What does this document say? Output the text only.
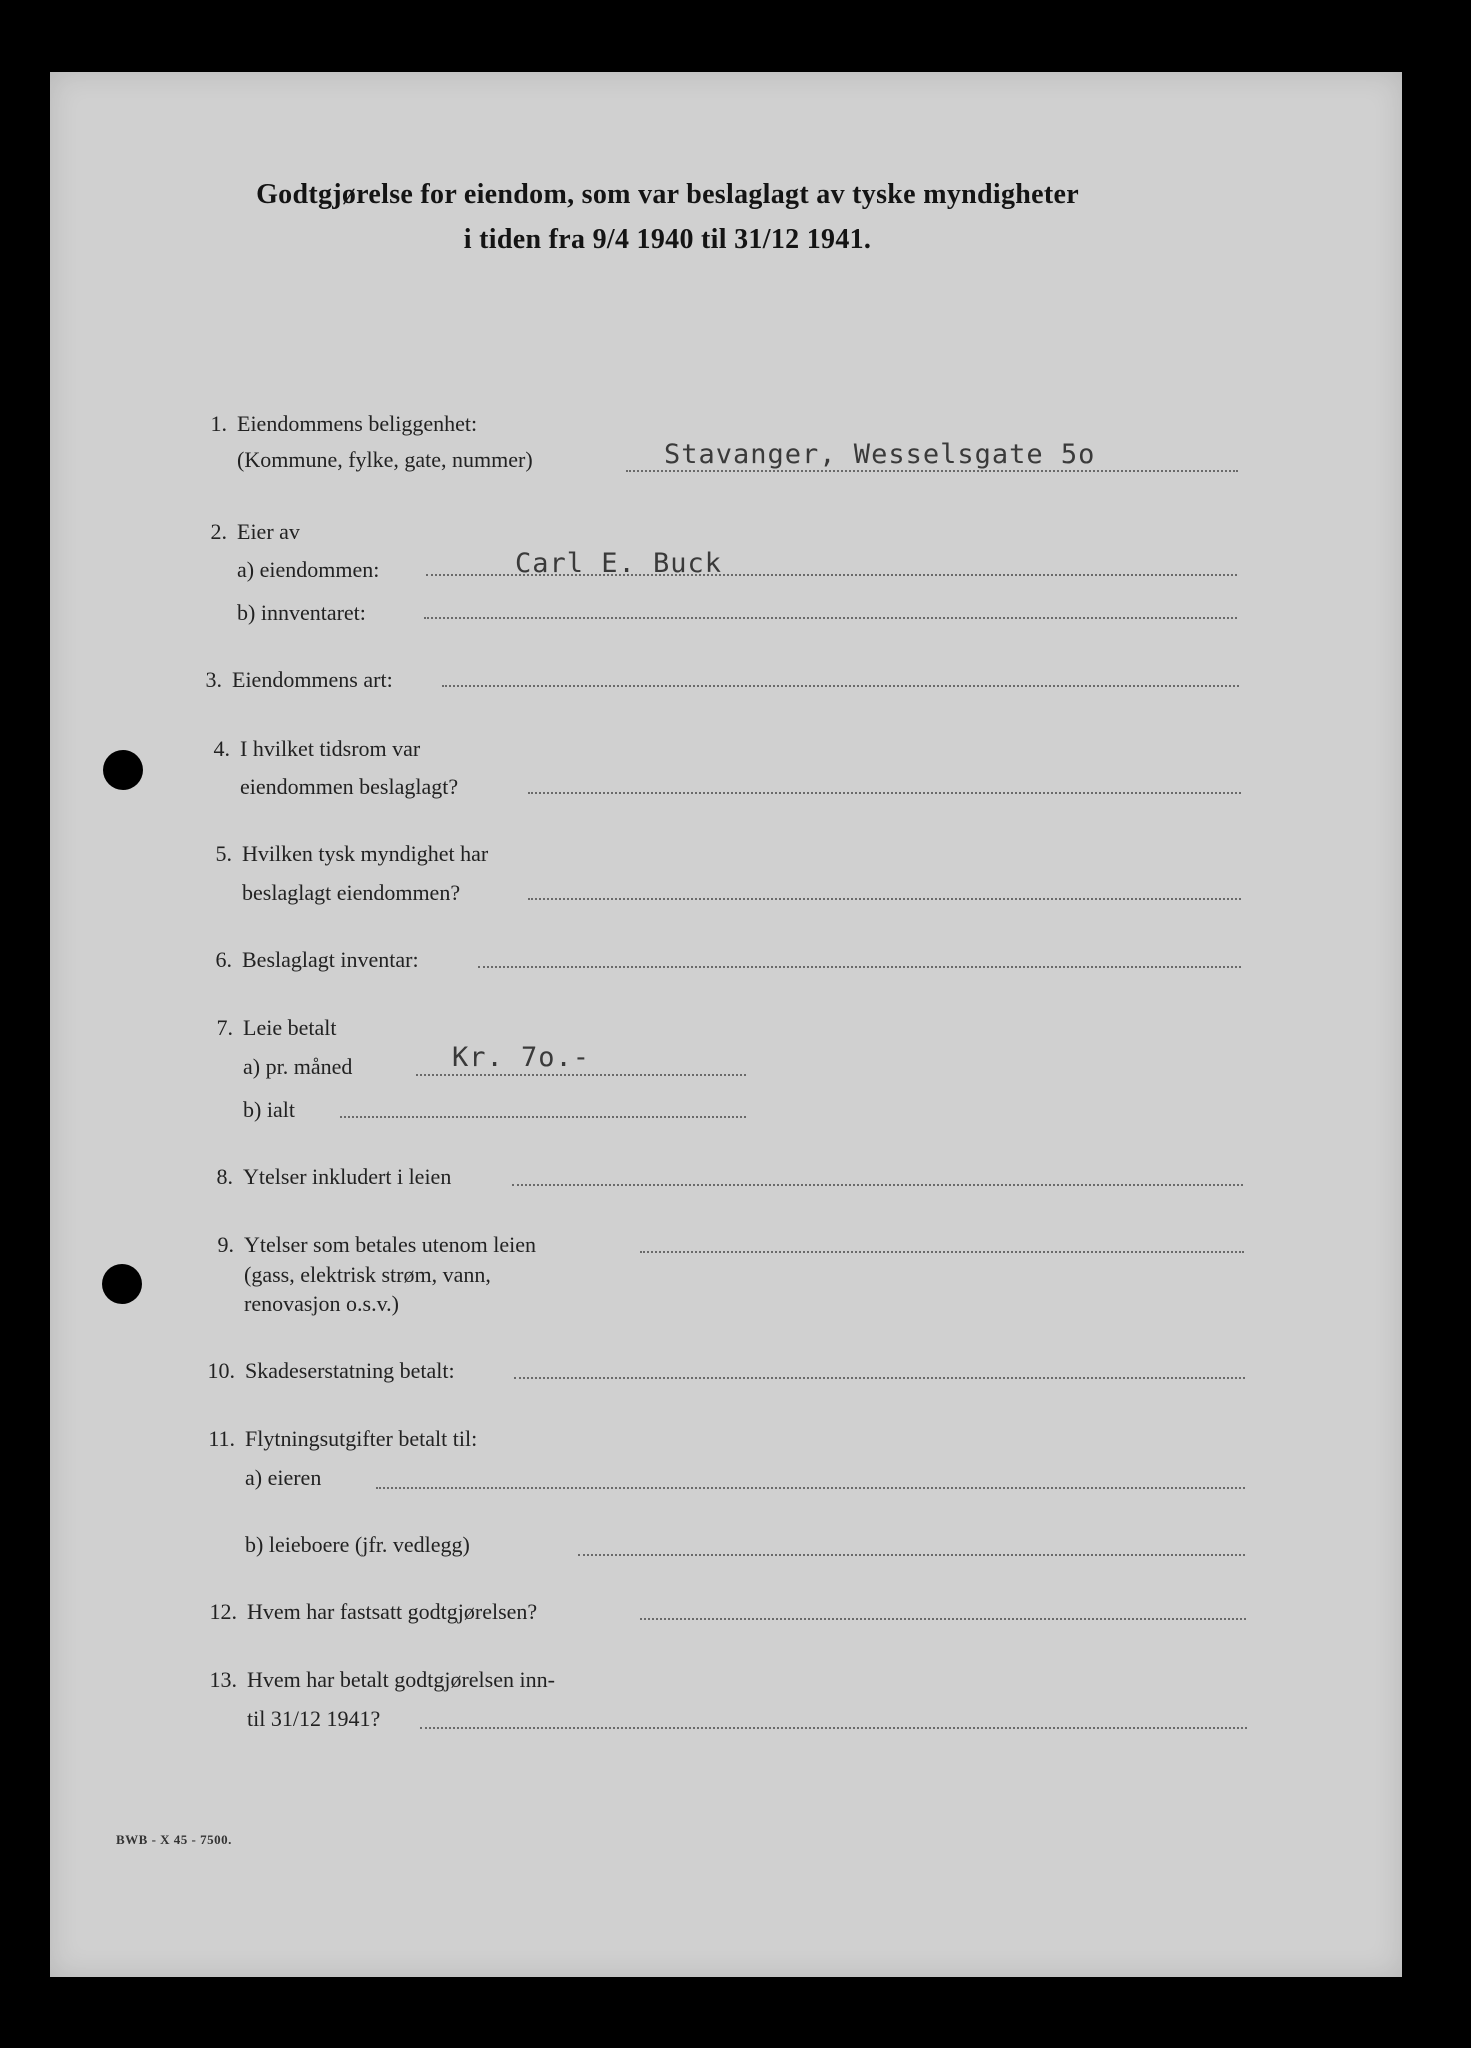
Godtgjørelse for eiendom, som var beslaglagt av tyske myndigheter
i tiden fra 9/4 1940 til 31/12 1941.
1. Eiendommens beliggenhet:
(Kommune, fylke, gate, nummer)	Stavanger, Wesselsgate 5o
2. Eier av
a) eiendommen:	Carl E. Buck
b) innventaret:
3. Eiendommens art:
4. I hvilket tidsrom var
eiendommen beslaglagt?
5. Hvilken tysk myndighet har
beslaglagt eiendommen?
6. Beslaglagt inventar:
7. Leie betalt
a) pr. måned	Kr. 7o.-
b) ialt
8. Ytelser inkludert i leien
9. Ytelser som betales utenom leien
(gass, elektrisk strøm, vann,
renovasjon o.s.v.)
10. Skadeserstatning betalt:
11. Flytningsutgifter betalt til:
a) eieren
b) leieboere (jfr. vedlegg)
12. Hvem har fastsatt godtgjørelsen?
13. Hvem har betalt godtgjørelsen inn-
til 31/12 1941?
BWB - X 45 - 7500.
